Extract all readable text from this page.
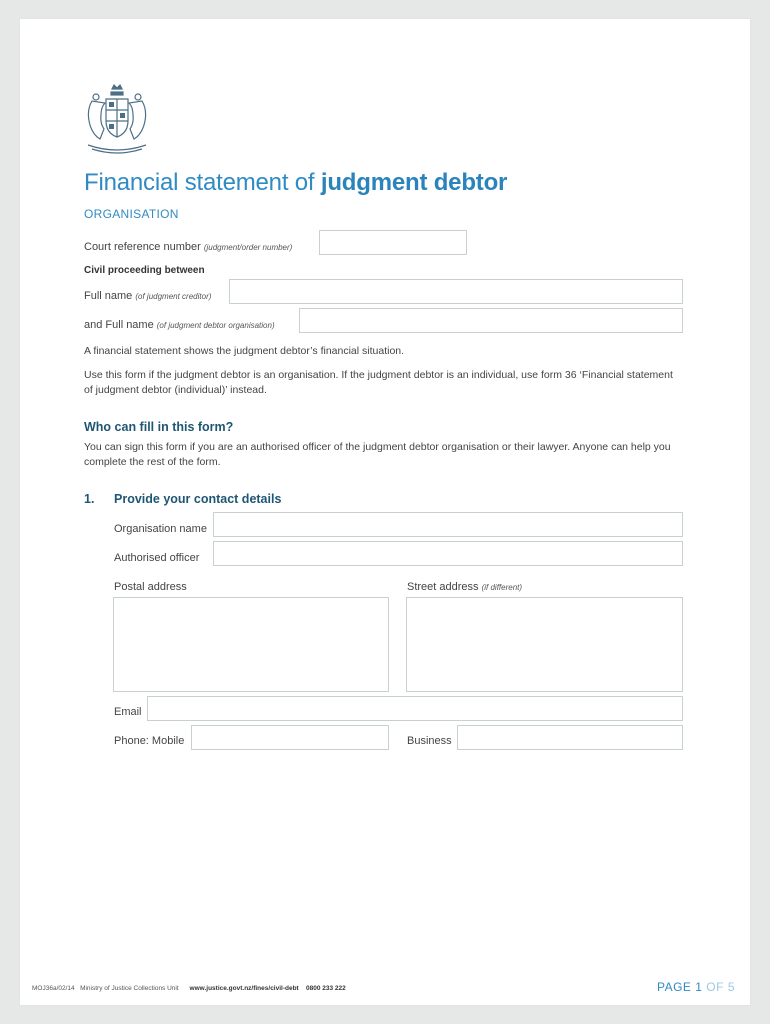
Financial statement of judgment debtor
ORGANISATION
Court reference number (judgment/order number)
Civil proceeding between
Full name (of judgment creditor)
and Full name (of judgment debtor organisation)

A financial statement shows the judgment debtor’s financial situation.

Use this form if the judgment debtor is an organisation. If the judgment debtor is an individual, use form 36 ‘Financial statement of judgment debtor (individual)’ instead.

Who can fill in this form?

You can sign this form if you are an authorised officer of the judgment debtor organisation or their lawyer. Anyone can help you complete the rest of the form.

1. Provide your contact details
Organisation name
Authorised officer
Postal address	Street address (if different)
Email
Phone: Mobile	Business
MOJ36a/02/14 Ministry of Justice Collections Unit www.justice.govt.nz/fines/civil-debt 0800 233 222	PAGE 1 OF 5
